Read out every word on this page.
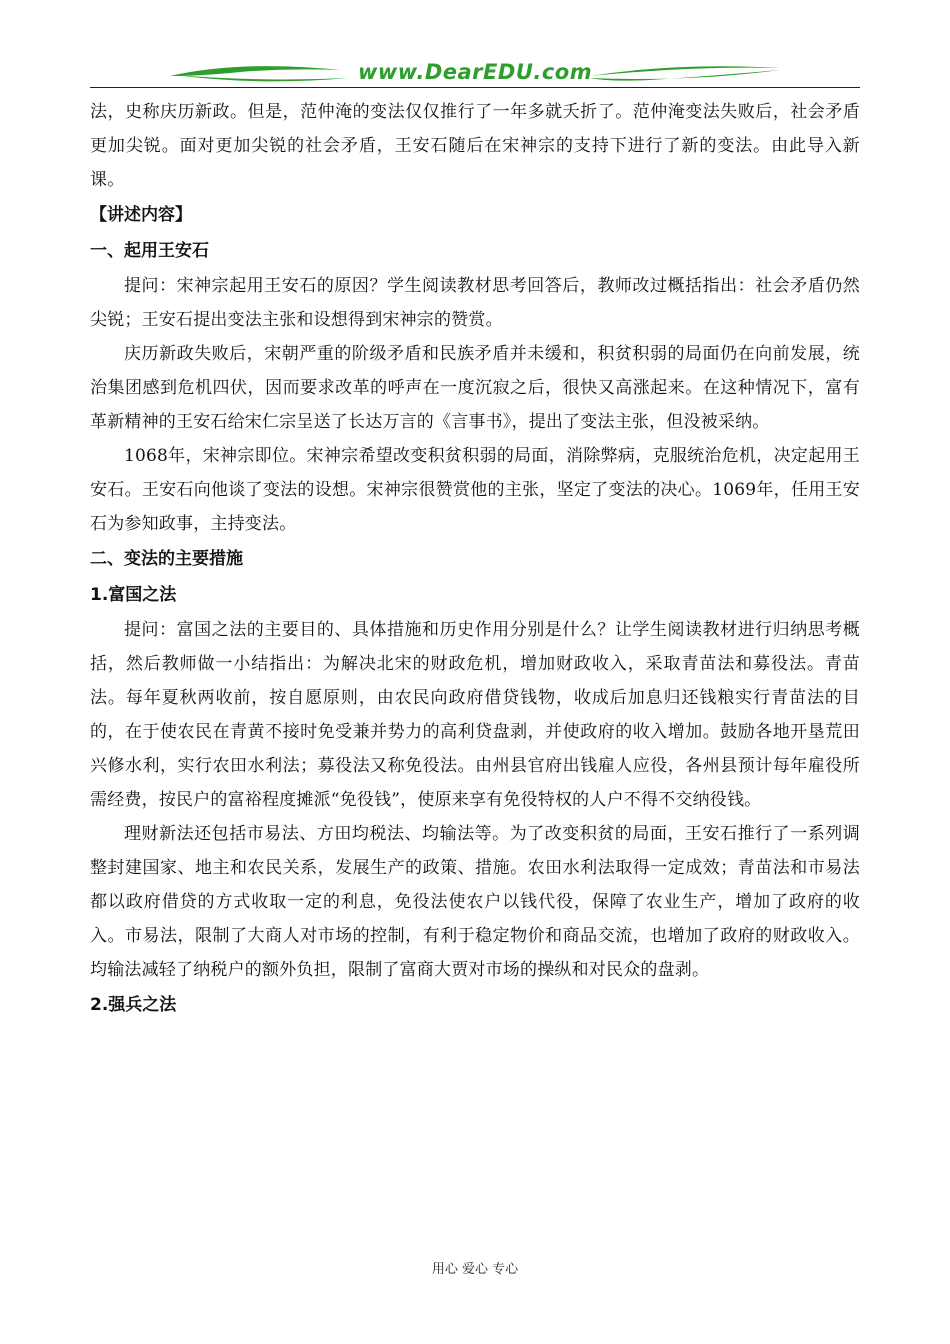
www.DearEDU.com

法，史称庆历新政。但是，范仲淹的变法仅仅推行了一年多就夭折了。范仲淹变法失败后，社会矛盾更加尖锐。面对更加尖锐的社会矛盾，王安石随后在宋神宗的支持下进行了新的变法。由此导入新课。

【讲述内容】
一、起用王安石

提问：宋神宗起用王安石的原因？学生阅读教材思考回答后，教师改过概括指出：社会矛盾仍然尖锐；王安石提出变法主张和设想得到宋神宗的赞赏。

庆历新政失败后，宋朝严重的阶级矛盾和民族矛盾并未缓和，积贫积弱的局面仍在向前发展，统治集团感到危机四伏，因而要求改革的呼声在一度沉寂之后，很快又高涨起来。在这种情况下，富有革新精神的王安石给宋仁宗呈送了长达万言的《言事书》，提出了变法主张，但没被采纳。

1068年，宋神宗即位。宋神宗希望改变积贫积弱的局面，消除弊病，克服统治危机，决定起用王安石。王安石向他谈了变法的设想。宋神宗很赞赏他的主张，坚定了变法的决心。1069年，任用王安石为参知政事，主持变法。

二、变法的主要措施
1.富国之法

提问：富国之法的主要目的、具体措施和历史作用分别是什么？让学生阅读教材进行归纳思考概括，然后教师做一小结指出：为解决北宋的财政危机，增加财政收入，采取青苗法和募役法。青苗法。每年夏秋两收前，按自愿原则，由农民向政府借贷钱物，收成后加息归还钱粮实行青苗法的目的，在于使农民在青黄不接时免受兼并势力的高利贷盘剥，并使政府的收入增加。鼓励各地开垦荒田兴修水利，实行农田水利法；募役法又称免役法。由州县官府出钱雇人应役，各州县预计每年雇役所需经费，按民户的富裕程度摊派“免役钱”，使原来享有免役特权的人户不得不交纳役钱。

理财新法还包括市易法、方田均税法、均输法等。为了改变积贫的局面，王安石推行了一系列调整封建国家、地主和农民关系，发展生产的政策、措施。农田水利法取得一定成效；青苗法和市易法都以政府借贷的方式收取一定的利息，免役法使农户以钱代役，保障了农业生产，增加了政府的收入。市易法，限制了大商人对市场的控制，有利于稳定物价和商品交流，也增加了政府的财政收入。均输法减轻了纳税户的额外负担，限制了富商大贾对市场的操纵和对民众的盘剥。

2.强兵之法
用心 爱心 专心
